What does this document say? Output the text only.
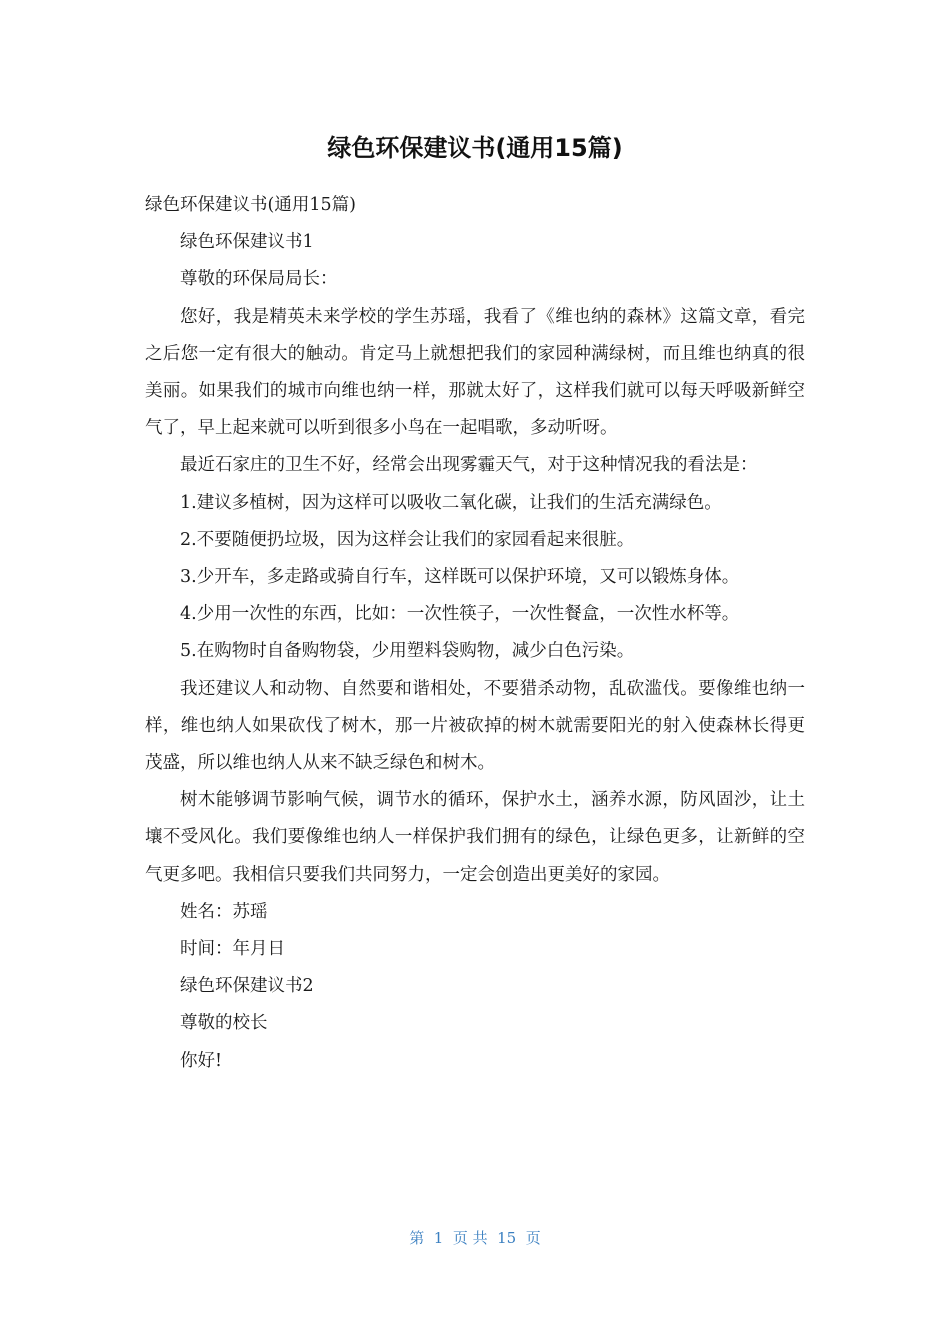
绿色环保建议书(通用15篇)

绿色环保建议书(通用15篇)

绿色环保建议书1

尊敬的环保局局长：

您好，我是精英未来学校的学生苏瑶，我看了《维也纳的森林》这篇文章，看完之后您一定有很大的触动。肯定马上就想把我们的家园种满绿树，而且维也纳真的很美丽。如果我们的城市向维也纳一样，那就太好了，这样我们就可以每天呼吸新鲜空气了，早上起来就可以听到很多小鸟在一起唱歌，多动听呀。

最近石家庄的卫生不好，经常会出现雾霾天气，对于这种情况我的看法是：

1.建议多植树，因为这样可以吸收二氧化碳，让我们的生活充满绿色。

2.不要随便扔垃圾，因为这样会让我们的家园看起来很脏。

3.少开车，多走路或骑自行车，这样既可以保护环境，又可以锻炼身体。

4.少用一次性的东西，比如：一次性筷子，一次性餐盒，一次性水杯等。

5.在购物时自备购物袋，少用塑料袋购物，减少白色污染。

我还建议人和动物、自然要和谐相处，不要猎杀动物，乱砍滥伐。要像维也纳一样，维也纳人如果砍伐了树木，那一片被砍掉的树木就需要阳光的射入使森林长得更茂盛，所以维也纳人从来不缺乏绿色和树木。

树木能够调节影响气候，调节水的循环，保护水土，涵养水源，防风固沙，让土壤不受风化。我们要像维也纳人一样保护我们拥有的绿色，让绿色更多，让新鲜的空气更多吧。我相信只要我们共同努力，一定会创造出更美好的家园。

姓名：苏瑶

时间：年月日

绿色环保建议书2

尊敬的校长

你好!

第  1  页 共  15  页
